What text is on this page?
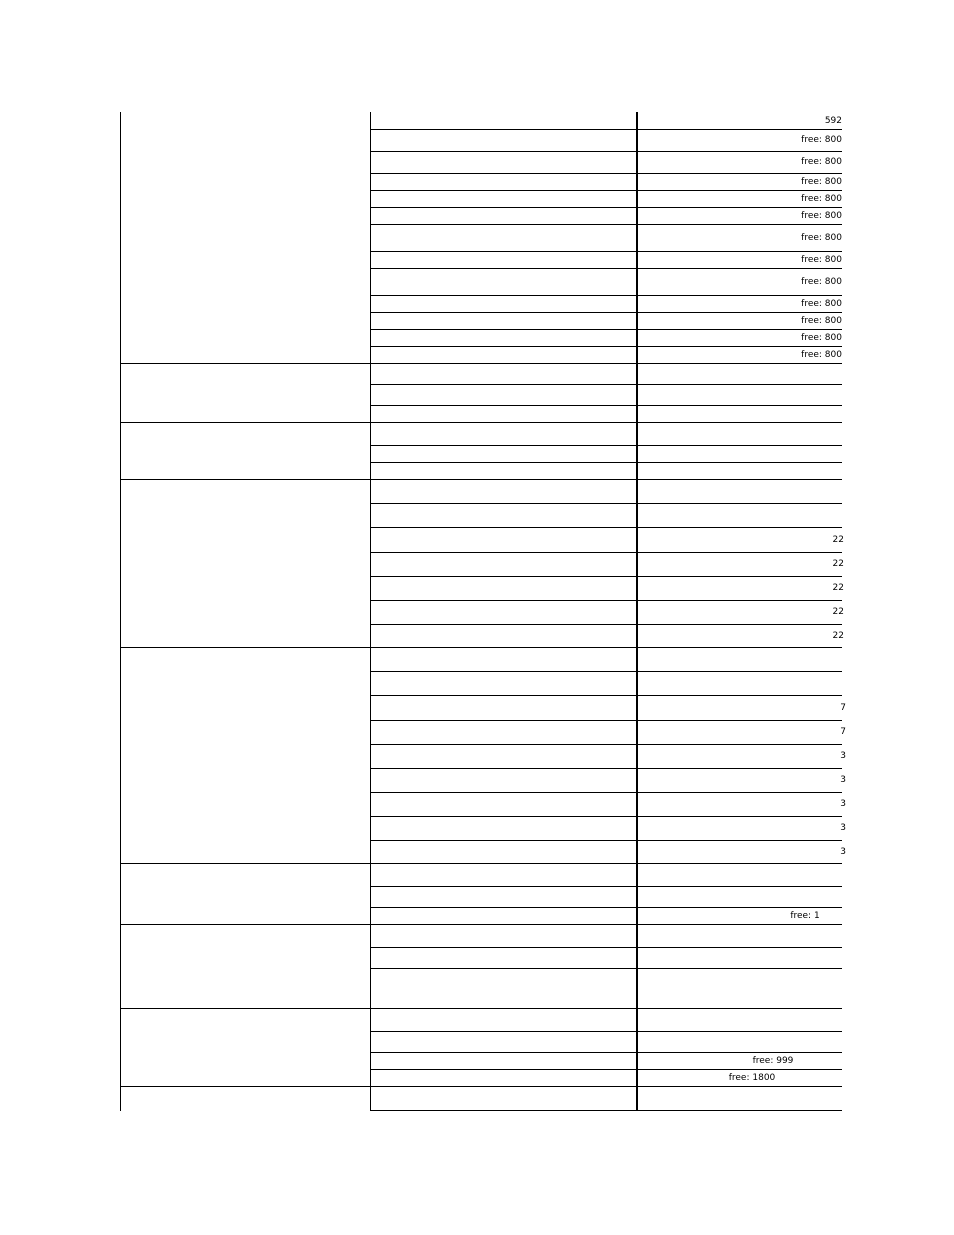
592
free: 800
free: 800
free: 800
free: 800
free: 800
free: 800
free: 800
free: 800
free: 800
free: 800
free: 800
free: 800
22
22
22
22
22
7
7
3
3
3
3
3
free: 1
free: 999
free: 1800
